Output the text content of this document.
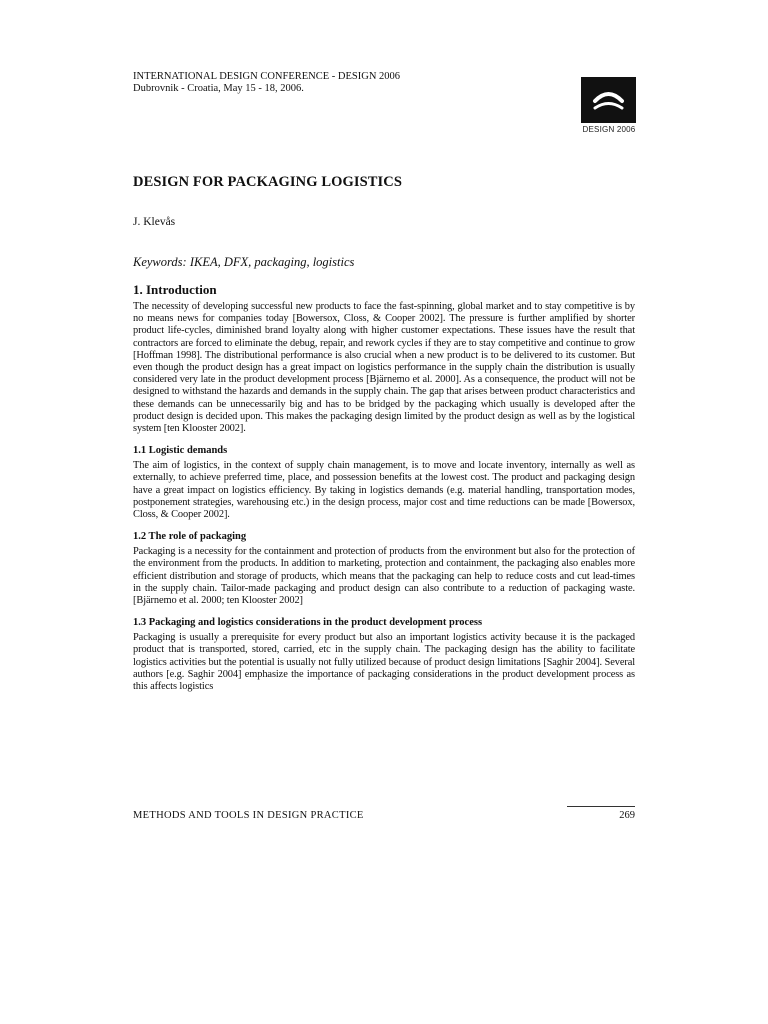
INTERNATIONAL DESIGN CONFERENCE - DESIGN 2006
Dubrovnik - Croatia, May 15 - 18, 2006.
DESIGN 2006
DESIGN FOR PACKAGING LOGISTICS
J. Klevås
Keywords: IKEA, DFX, packaging, logistics
1. Introduction

The necessity of developing successful new products to face the fast-spinning, global market and to stay competitive is by no means news for companies today [Bowersox, Closs, & Cooper 2002]. The pressure is further amplified by shorter product life-cycles, diminished brand loyalty along with higher customer expectations. These issues have the result that contractors are forced to eliminate the debug, repair, and rework cycles if they are to stay competitive and continue to grow [Hoffman 1998]. The distributional performance is also crucial when a new product is to be delivered to its customer. But even though the product design has a great impact on logistics performance in the supply chain the distribution is usually considered very late in the product development process [Bjärnemo et al. 2000]. As a consequence, the product will not be designed to withstand the hazards and demands in the supply chain. The gap that arises between product characteristics and these demands can be unnecessarily big and has to be bridged by the packaging which usually is developed after the product design is decided upon. This makes the packaging design limited by the product design as well as by the logistical system [ten Klooster 2002].

1.1 Logistic demands

The aim of logistics, in the context of supply chain management, is to move and locate inventory, internally as well as externally, to achieve preferred time, place, and possession benefits at the lowest cost. The product and packaging design have a great impact on logistics efficiency. By taking in logistics demands (e.g. material handling, transportation modes, postponement strategies, warehousing etc.) in the design process, major cost and time reductions can be made [Bowersox, Closs, & Cooper 2002].

1.2 The role of packaging

Packaging is a necessity for the containment and protection of products from the environment but also for the protection of the environment from the products. In addition to marketing, protection and containment, the packaging also enables more efficient distribution and storage of products, which means that the packaging can help to reduce costs and cut lead-times in the supply chain. Tailor-made packaging and product design can also contribute to a reduction of packaging waste. [Bjärnemo et al. 2000; ten Klooster 2002]

1.3 Packaging and logistics considerations in the product development process

Packaging is usually a prerequisite for every product but also an important logistics activity because it is the packaged product that is transported, stored, carried, etc in the supply chain. The packaging design has the ability to facilitate logistics activities but the potential is usually not fully utilized because of product design limitations [Saghir 2004]. Several authors [e.g. Saghir 2004] emphasize the importance of packaging considerations in the product development process as this affects logistics

METHODS AND TOOLS IN DESIGN PRACTICE	269
